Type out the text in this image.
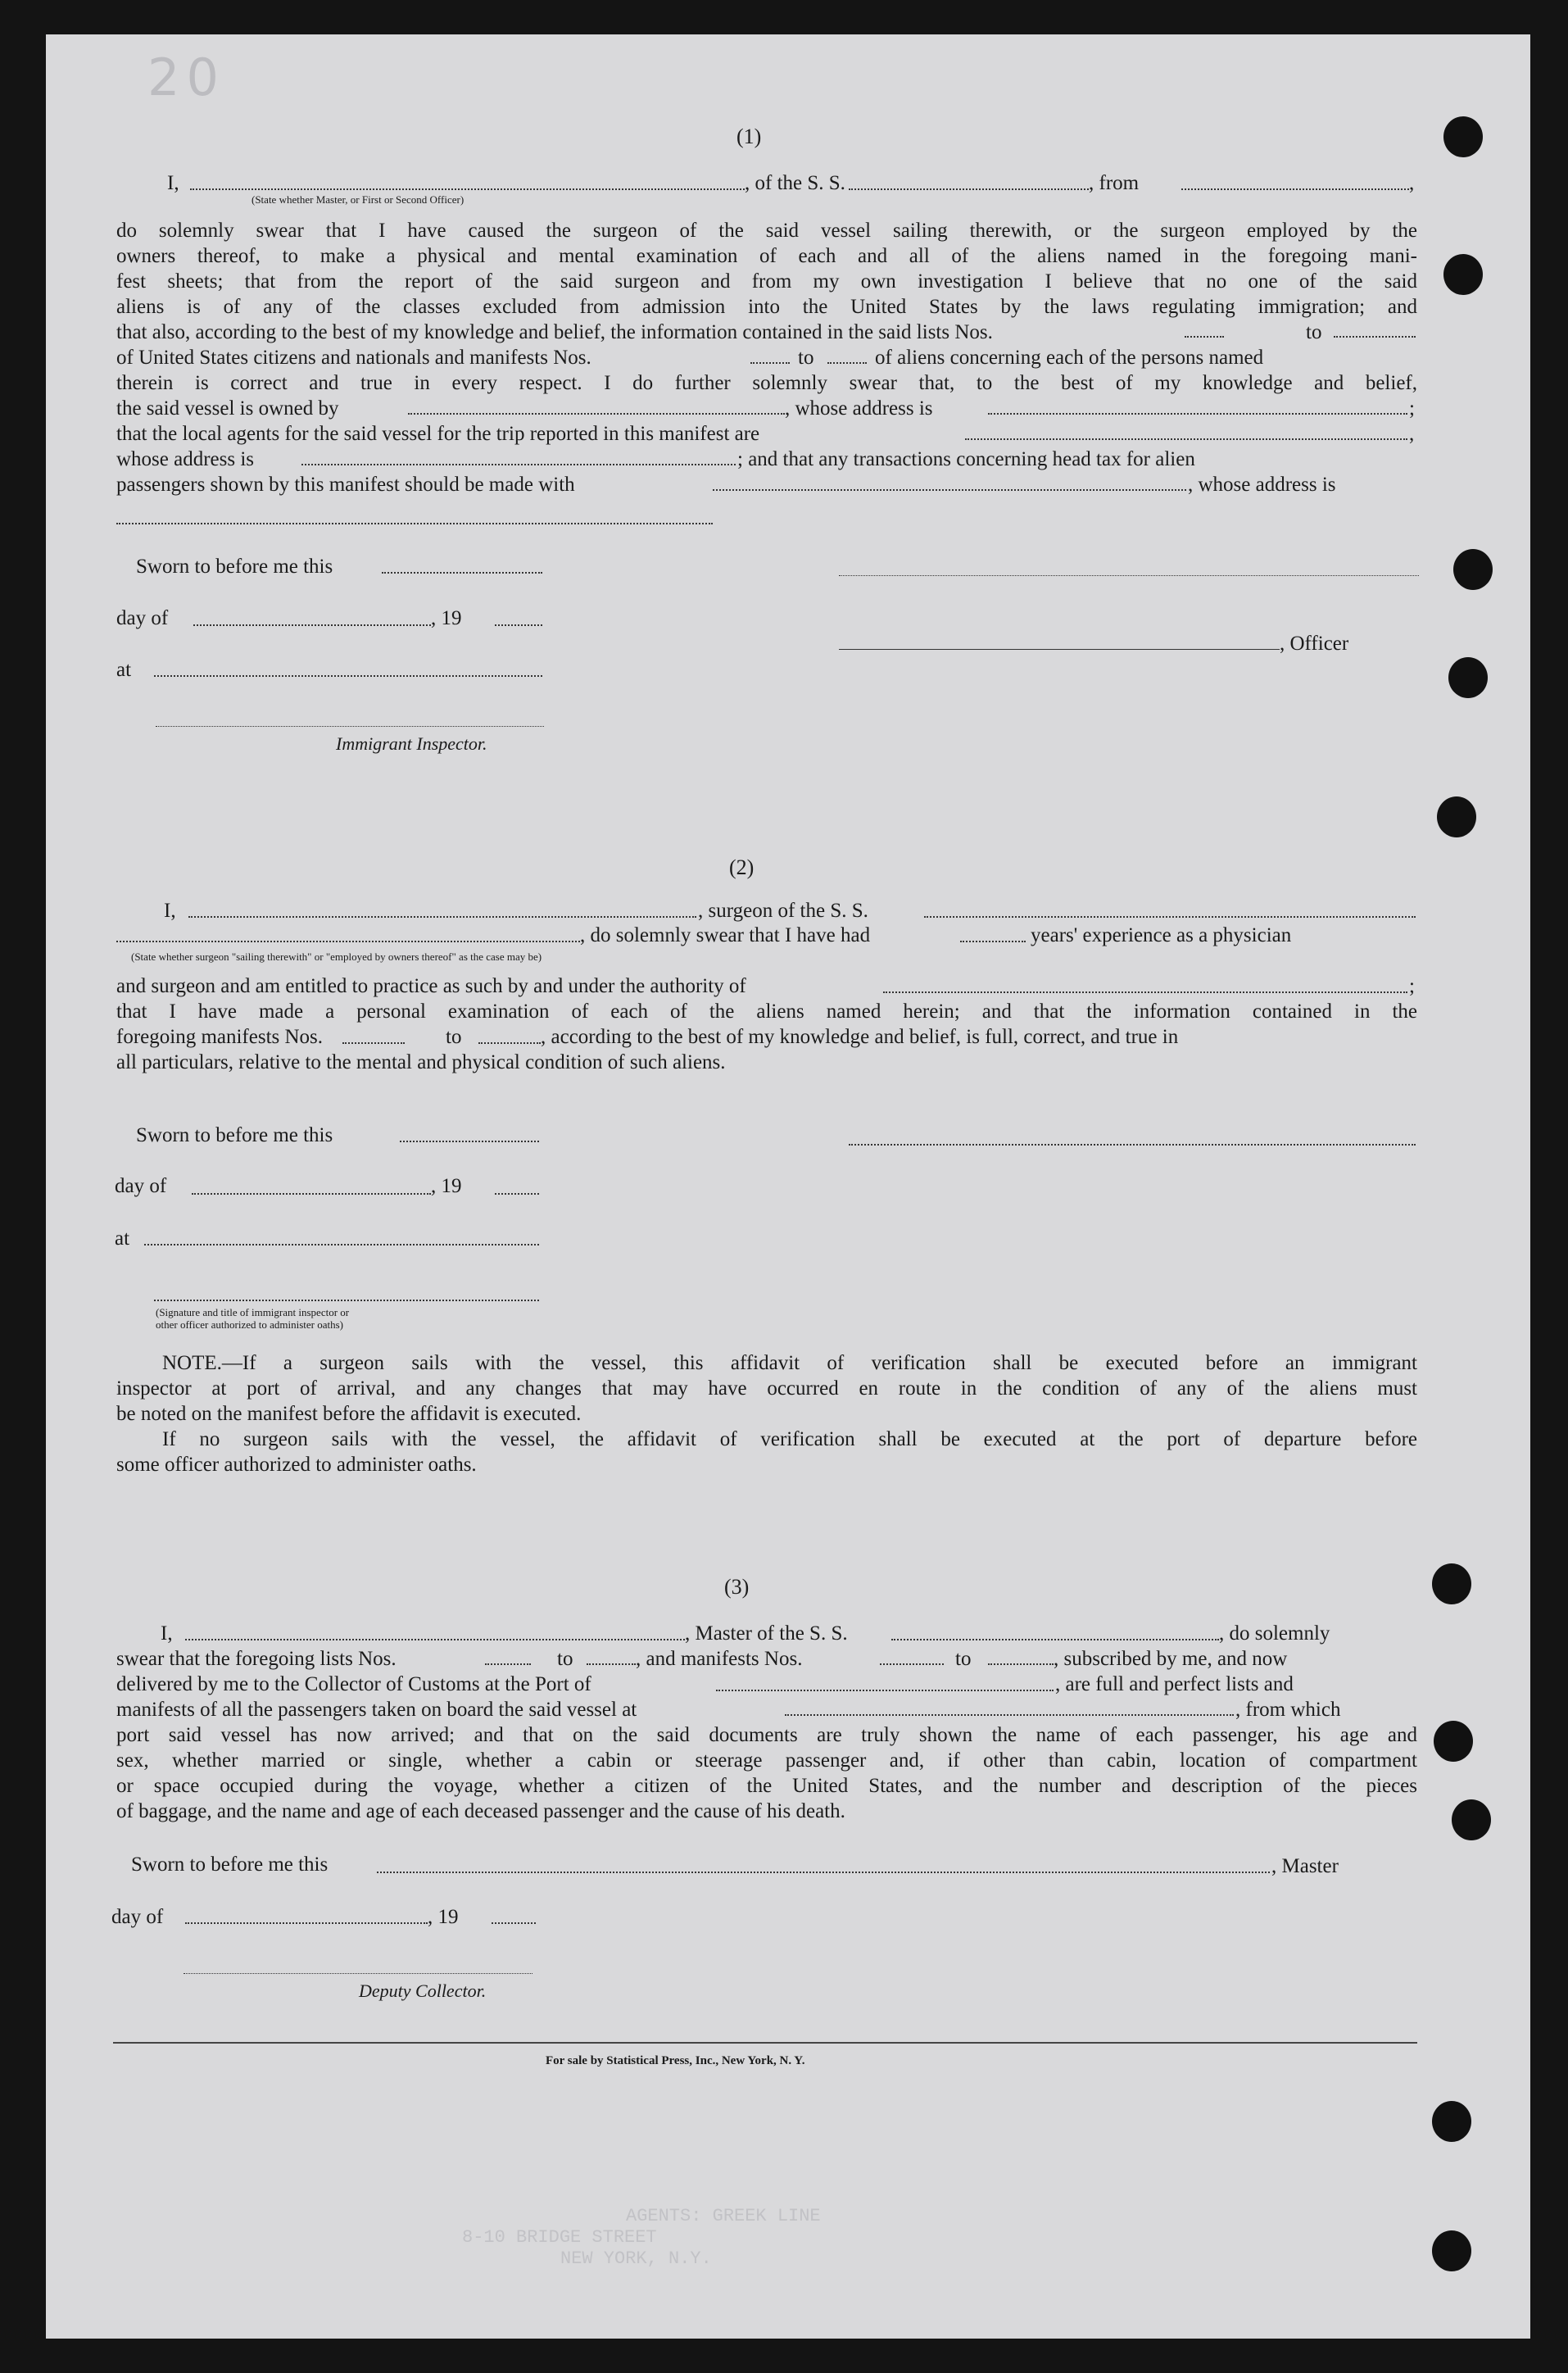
20
(1)
I,	, of the S. S.	, from	,
(State whether Master, or First or Second Officer)
do solemnly swear that I have caused the surgeon of the said vessel sailing therewith, or the surgeon employed by the
owners thereof, to make a physical and mental examination of each and all of the aliens named in the foregoing mani-
fest sheets; that from the report of the said surgeon and from my own investigation I believe that no one of the said
aliens is of any of the classes excluded from admission into the United States by the laws regulating immigration; and
that also, according to the best of my knowledge and belief, the information contained in the said lists Nos.	to
of United States citizens and nationals and manifests Nos.	to	of aliens concerning each of the persons named
therein is correct and true in every respect. I do further solemnly swear that, to the best of my knowledge and belief,
the said vessel is owned by	, whose address is	;
that the local agents for the said vessel for the trip reported in this manifest are	,
whose address is	; and that any transactions concerning head tax for alien
passengers shown by this manifest should be made with	, whose address is
Sworn to before me this
day of	, 19
, Officer
at
Immigrant Inspector.
(2)
I,	, surgeon of the S. S.
, do solemnly swear that I have had	years' experience as a physician
(State whether surgeon "sailing therewith" or "employed by owners thereof" as the case may be)
and surgeon and am entitled to practice as such by and under the authority of	;
that I have made a personal examination of each of the aliens named herein; and that the information contained in the
foregoing manifests Nos.	to	, according to the best of my knowledge and belief, is full, correct, and true in
all particulars, relative to the mental and physical condition of such aliens.
Sworn to before me this
day of	, 19
at
(Signature and title of immigrant inspector or
other officer authorized to administer oaths)
NOTE.—If a surgeon sails with the vessel, this affidavit of verification shall be executed before an immigrant
inspector at port of arrival, and any changes that may have occurred en route in the condition of any of the aliens must
be noted on the manifest before the affidavit is executed.
If no surgeon sails with the vessel, the affidavit of verification shall be executed at the port of departure before
some officer authorized to administer oaths.
(3)
I,	, Master of the S. S.	, do solemnly
swear that the foregoing lists Nos.	to	, and manifests Nos.	to	, subscribed by me, and now
delivered by me to the Collector of Customs at the Port of	, are full and perfect lists and
manifests of all the passengers taken on board the said vessel at	, from which
port said vessel has now arrived; and that on the said documents are truly shown the name of each passenger, his age and
sex, whether married or single, whether a cabin or steerage passenger and, if other than cabin, location of compartment
or space occupied during the voyage, whether a citizen of the United States, and the number and description of the pieces
of baggage, and the name and age of each deceased passenger and the cause of his death.
Sworn to before me this	, Master
day of	, 19
Deputy Collector.
For sale by Statistical Press, Inc., New York, N. Y.
AGENTS: GREEK LINE
8-10 BRIDGE STREET
NEW YORK, N.Y.
